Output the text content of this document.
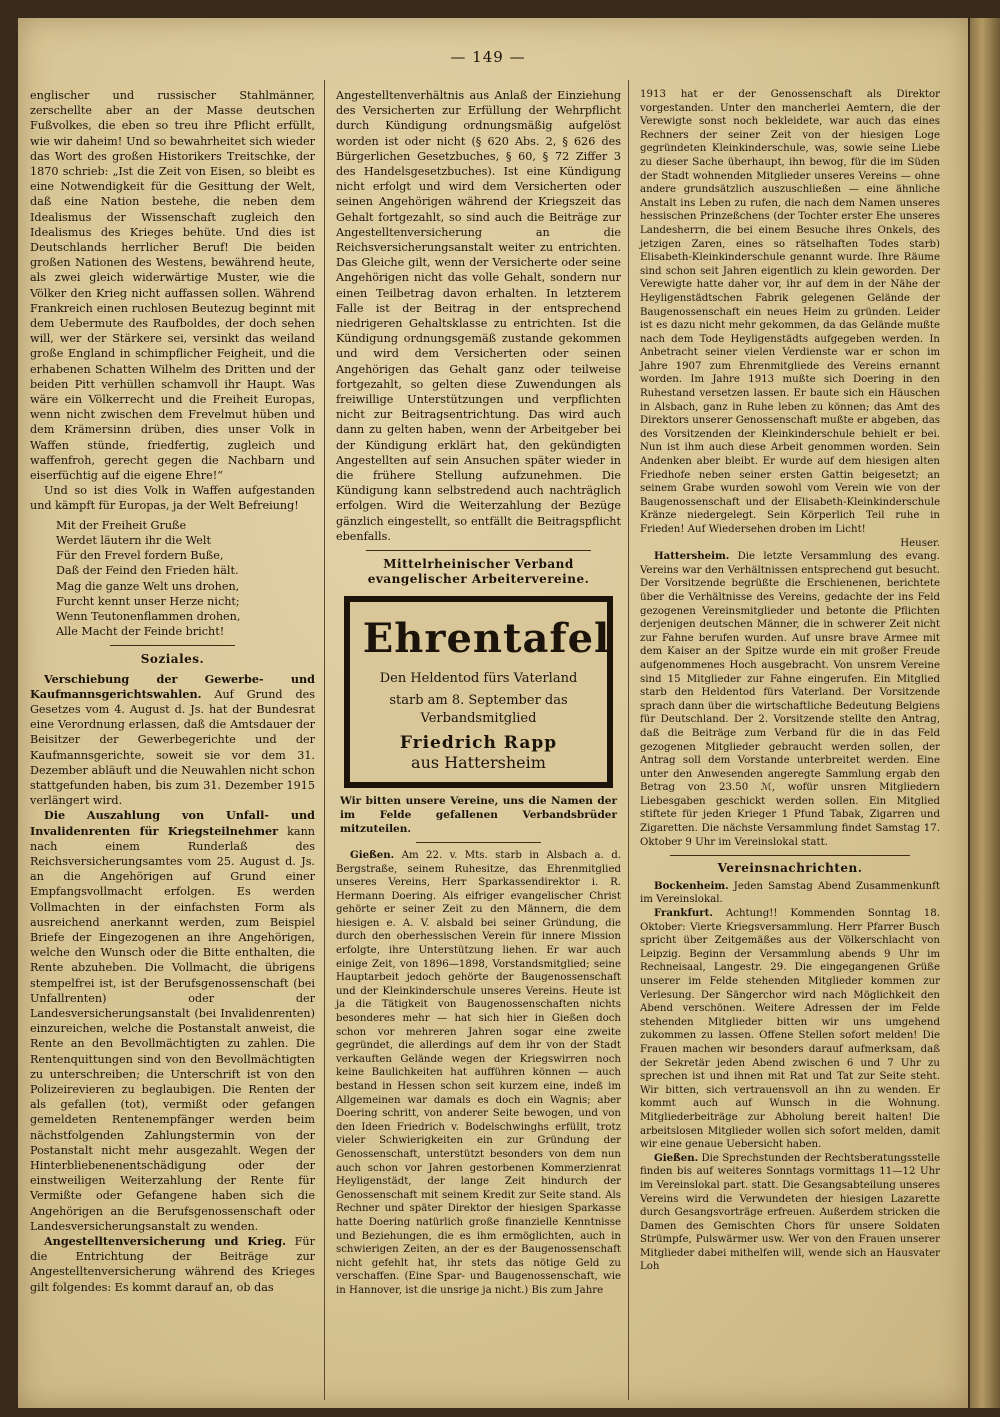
— 149 —

englischer und russischer Stahlmänner, zerschellte aber an der Masse deutschen Fußvolkes, die eben so treu ihre Pflicht erfüllt, wie wir daheim! Und so bewahrheitet sich wieder das Wort des großen Historikers Treitschke, der 1870 schrieb: „Ist die Zeit von Eisen, so bleibt es eine Notwendigkeit für die Gesittung der Welt, daß eine Nation bestehe, die neben dem Idealismus der Wissenschaft zugleich den Idealismus des Krieges behüte. Und dies ist Deutschlands herrlicher Beruf! Die beiden großen Nationen des Westens, bewährend heute, als zwei gleich widerwärtige Muster, wie die Völker den Krieg nicht auffassen sollen. Während Frankreich einen ruchlosen Beutezug beginnt mit dem Uebermute des Raufboldes, der doch sehen will, wer der Stärkere sei, versinkt das weiland große England in schimpflicher Feigheit, und die erhabenen Schatten Wilhelm des Dritten und der beiden Pitt verhüllen schamvoll ihr Haupt. Was wäre ein Völkerrecht und die Freiheit Europas, wenn nicht zwischen dem Frevelmut hüben und dem Krämersinn drüben, dies unser Volk in Waffen stünde, friedfertig, zugleich und waffenfroh, gerecht gegen die Nachbarn und eiserfüchtig auf die eigene Ehre!“

Und so ist dies Volk in Waffen aufgestanden und kämpft für Europas, ja der Welt Befreiung!

Mit der Freiheit Gruße
Werdet läutern ihr die Welt
Für den Frevel fordern Buße,
Daß der Feind den Frieden hält.
Mag die ganze Welt uns drohen,
Furcht kennt unser Herze nicht;
Wenn Teutonenflammen drohen,
Alle Macht der Feinde bricht!
Soziales.

Verschiebung der Gewerbe- und Kaufmannsgerichtswahlen. Auf Grund des Gesetzes vom 4. August d. Js. hat der Bundesrat eine Verordnung erlassen, daß die Amtsdauer der Beisitzer der Gewerbegerichte und der Kaufmannsgerichte, soweit sie vor dem 31. Dezember abläuft und die Neuwahlen nicht schon stattgefunden haben, bis zum 31. Dezember 1915 verlängert wird.

Die Auszahlung von Unfall- und Invalidenrenten für Kriegsteilnehmer kann nach einem Runderlaß des Reichsversicherungsamtes vom 25. August d. Js. an die Angehörigen auf Grund einer Empfangsvollmacht erfolgen. Es werden Vollmachten in der einfachsten Form als ausreichend anerkannt werden, zum Beispiel Briefe der Eingezogenen an ihre Angehörigen, welche den Wunsch oder die Bitte enthalten, die Rente abzuheben. Die Vollmacht, die übrigens stempelfrei ist, ist der Berufsgenossenschaft (bei Unfallrenten) oder der Landesversicherungsanstalt (bei Invalidenrenten) einzureichen, welche die Postanstalt anweist, die Rente an den Bevollmächtigten zu zahlen. Die Rentenquittungen sind von den Bevollmächtigten zu unterschreiben; die Unterschrift ist von den Polizeirevieren zu beglaubigen. Die Renten der als gefallen (tot), vermißt oder gefangen gemeldeten Rentenempfänger werden beim nächstfolgenden Zahlungstermin von der Postanstalt nicht mehr ausgezahlt. Wegen der Hinterbliebenenentschädigung oder der einstweiligen Weiterzahlung der Rente für Vermißte oder Gefangene haben sich die Angehörigen an die Berufsgenossenschaft oder Landesversicherungsanstalt zu wenden.

Angestelltenversicherung und Krieg. Für die Entrichtung der Beiträge zur Angestelltenversicherung während des Krieges gilt folgendes: Es kommt darauf an, ob das

Angestelltenverhältnis aus Anlaß der Einziehung des Versicherten zur Erfüllung der Wehrpflicht durch Kündigung ordnungsmäßig aufgelöst worden ist oder nicht (§ 620 Abs. 2, § 626 des Bürgerlichen Gesetzbuches, § 60, § 72 Ziffer 3 des Handelsgesetzbuches). Ist eine Kündigung nicht erfolgt und wird dem Versicherten oder seinen Angehörigen während der Kriegszeit das Gehalt fortgezahlt, so sind auch die Beiträge zur Angestelltenversicherung an die Reichsversicherungsanstalt weiter zu entrichten. Das Gleiche gilt, wenn der Versicherte oder seine Angehörigen nicht das volle Gehalt, sondern nur einen Teilbetrag davon erhalten. In letzterem Falle ist der Beitrag in der entsprechend niedrigeren Gehaltsklasse zu entrichten. Ist die Kündigung ordnungsgemäß zustande gekommen und wird dem Versicherten oder seinen Angehörigen das Gehalt ganz oder teilweise fortgezahlt, so gelten diese Zuwendungen als freiwillige Unterstützungen und verpflichten nicht zur Beitragsentrichtung. Das wird auch dann zu gelten haben, wenn der Arbeitgeber bei der Kündigung erklärt hat, den gekündigten Angestellten auf sein Ansuchen später wieder in die frühere Stellung aufzunehmen. Die Kündigung kann selbstredend auch nachträglich erfolgen. Wird die Weiterzahlung der Bezüge gänzlich eingestellt, so entfällt die Beitragspflicht ebenfalls.

Mittelrheinischer Verband evangelischer Arbeitervereine.
Ehrentafel
Den Heldentod fürs Vaterland
starb am 8. September das Verbandsmitglied
Friedrich Rapp
aus Hattersheim
Wir bitten unsere Vereine, uns die Namen der im Felde gefallenen Verbandsbrüder mitzuteilen.

Gießen. Am 22. v. Mts. starb in Alsbach a. d. Bergstraße, seinem Ruhesitze, das Ehrenmitglied unseres Vereins, Herr Sparkassendirektor i. R. Hermann Doering. Als eifriger evangelischer Christ gehörte er seiner Zeit zu den Männern, die dem hiesigen e. A. V. alsbald bei seiner Gründung, die durch den oberhessischen Verein für innere Mission erfolgte, ihre Unterstützung liehen. Er war auch einige Zeit, von 1896—1898, Vorstandsmitglied; seine Hauptarbeit jedoch gehörte der Baugenossenschaft und der Kleinkinderschule unseres Vereins. Heute ist ja die Tätigkeit von Baugenossenschaften nichts besonderes mehr — hat sich hier in Gießen doch schon vor mehreren Jahren sogar eine zweite gegründet, die allerdings auf dem ihr von der Stadt verkauften Gelände wegen der Kriegswirren noch keine Baulichkeiten hat aufführen können — auch bestand in Hessen schon seit kurzem eine, indeß im Allgemeinen war damals es doch ein Wagnis; aber Doering schritt, von anderer Seite bewogen, und von den Ideen Friedrich v. Bodelschwinghs erfüllt, trotz vieler Schwierigkeiten ein zur Gründung der Genossenschaft, unterstützt besonders von dem nun auch schon vor Jahren gestorbenen Kommerzienrat Heyligenstädt, der lange Zeit hindurch der Genossenschaft mit seinem Kredit zur Seite stand. Als Rechner und später Direktor der hiesigen Sparkasse hatte Doering natürlich große finanzielle Kenntnisse und Beziehungen, die es ihm ermöglichten, auch in schwierigen Zeiten, an der es der Baugenossenschaft nicht gefehlt hat, ihr stets das nötige Geld zu verschaffen. (Eine Spar- und Baugenossenschaft, wie in Hannover, ist die unsrige ja nicht.) Bis zum Jahre

1913 hat er der Genossenschaft als Direktor vorgestanden. Unter den mancherlei Aemtern, die der Verewigte sonst noch bekleidete, war auch das eines Rechners der seiner Zeit von der hiesigen Loge gegründeten Kleinkinderschule, was, sowie seine Liebe zu dieser Sache überhaupt, ihn bewog, für die im Süden der Stadt wohnenden Mitglieder unseres Vereins — ohne andere grundsätzlich auszuschließen — eine ähnliche Anstalt ins Leben zu rufen, die nach dem Namen unseres hessischen Prinzeßchens (der Tochter erster Ehe unseres Landesherrn, die bei einem Besuche ihres Onkels, des jetzigen Zaren, eines so rätselhaften Todes starb) Elisabeth-Kleinkinderschule genannt wurde. Ihre Räume sind schon seit Jahren eigentlich zu klein geworden. Der Verewigte hatte daher vor, ihr auf dem in der Nähe der Heyligenstädtschen Fabrik gelegenen Gelände der Baugenossenschaft ein neues Heim zu gründen. Leider ist es dazu nicht mehr gekommen, da das Gelände mußte nach dem Tode Heyligenstädts aufgegeben werden. In Anbetracht seiner vielen Verdienste war er schon im Jahre 1907 zum Ehrenmitgliede des Vereins ernannt worden. Im Jahre 1913 mußte sich Doering in den Ruhestand versetzen lassen. Er baute sich ein Häuschen in Alsbach, ganz in Ruhe leben zu können; das Amt des Direktors unserer Genossenschaft mußte er abgeben, das des Vorsitzenden der Kleinkinderschule behielt er bei. Nun ist ihm auch diese Arbeit genommen worden. Sein Andenken aber bleibt. Er wurde auf dem hiesigen alten Friedhofe neben seiner ersten Gattin beigesetzt; an seinem Grabe wurden sowohl vom Verein wie von der Baugenossenschaft und der Elisabeth-Kleinkinderschule Kränze niedergelegt. Sein Körperlich Teil ruhe in Frieden! Auf Wiedersehen droben im Licht!

Heuser.

Hattersheim. Die letzte Versammlung des evang. Vereins war den Verhältnissen entsprechend gut besucht. Der Vorsitzende begrüßte die Erschienenen, berichtete über die Verhältnisse des Vereins, gedachte der ins Feld gezogenen Vereinsmitglieder und betonte die Pflichten derjenigen deutschen Männer, die in schwerer Zeit nicht zur Fahne berufen wurden. Auf unsre brave Armee mit dem Kaiser an der Spitze wurde ein mit großer Freude aufgenommenes Hoch ausgebracht. Von unsrem Vereine sind 15 Mitglieder zur Fahne eingerufen. Ein Mitglied starb den Heldentod fürs Vaterland. Der Vorsitzende sprach dann über die wirtschaftliche Bedeutung Belgiens für Deutschland. Der 2. Vorsitzende stellte den Antrag, daß die Beiträge zum Verband für die in das Feld gezogenen Mitglieder gebraucht werden sollen, der Antrag soll dem Vorstande unterbreitet werden. Eine unter den Anwesenden angeregte Sammlung ergab den Betrag von 23.50 ℳ, wofür unsren Mitgliedern Liebesgaben geschickt werden sollen. Ein Mitglied stiftete für jeden Krieger 1 Pfund Tabak, Zigarren und Zigaretten. Die nächste Versammlung findet Samstag 17. Oktober 9 Uhr im Vereinslokal statt.

Vereinsnachrichten.

Bockenheim. Jeden Samstag Abend Zusammenkunft im Vereinslokal.

Frankfurt. Achtung!! Kommenden Sonntag 18. Oktober: Vierte Kriegsversammlung. Herr Pfarrer Busch spricht über Zeitgemäßes aus der Völkerschlacht von Leipzig. Beginn der Versammlung abends 9 Uhr im Rechneisaal, Langestr. 29. Die eingegangenen Grüße unserer im Felde stehenden Mitglieder kommen zur Verlesung. Der Sängerchor wird nach Möglichkeit den Abend verschönen. Weitere Adressen der im Felde stehenden Mitglieder bitten wir uns umgehend zukommen zu lassen. Offene Stellen sofort melden! Die Frauen machen wir besonders darauf aufmerksam, daß der Sekretär jeden Abend zwischen 6 und 7 Uhr zu sprechen ist und ihnen mit Rat und Tat zur Seite steht. Wir bitten, sich vertrauensvoll an ihn zu wenden. Er kommt auch auf Wunsch in die Wohnung. Mitgliederbeiträge zur Abholung bereit halten! Die arbeitslosen Mitglieder wollen sich sofort melden, damit wir eine genaue Uebersicht haben.

Gießen. Die Sprechstunden der Rechtsberatungsstelle finden bis auf weiteres Sonntags vormittags 11—12 Uhr im Vereinslokal part. statt. Die Gesangsabteilung unseres Vereins wird die Verwundeten der hiesigen Lazarette durch Gesangsvorträge erfreuen. Außerdem stricken die Damen des Gemischten Chors für unsere Soldaten Strümpfe, Pulswärmer usw. Wer von den Frauen unserer Mitglieder dabei mithelfen will, wende sich an Hausvater Loh
